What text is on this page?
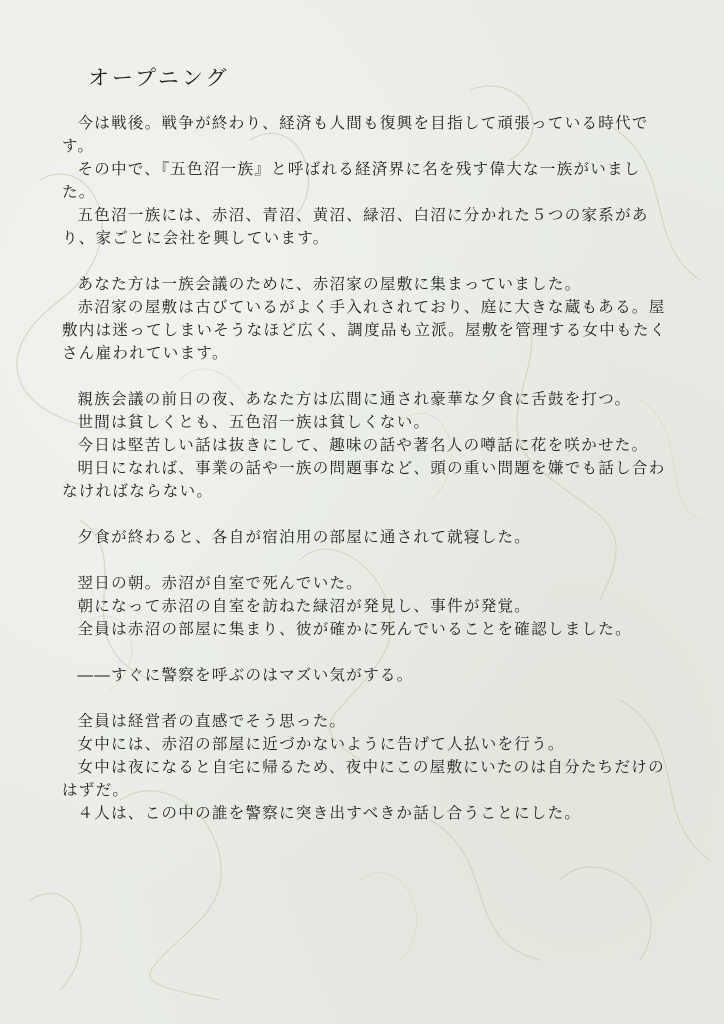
オープニング

今は戦後。戦争が終わり、経済も人間も復興を目指して頑張っている時代です。

その中で、『五色沼一族』と呼ばれる経済界に名を残す偉大な一族がいました。

五色沼一族には、赤沼、青沼、黄沼、緑沼、白沼に分かれた５つの家系があり、家ごとに会社を興しています。

あなた方は一族会議のために、赤沼家の屋敷に集まっていました。

赤沼家の屋敷は古びているがよく手入れされており、庭に大きな蔵もある。屋敷内は迷ってしまいそうなほど広く、調度品も立派。屋敷を管理する女中もたくさん雇われています。

親族会議の前日の夜、あなた方は広間に通され豪華な夕食に舌鼓を打つ。

世間は貧しくとも、五色沼一族は貧しくない。

今日は堅苦しい話は抜きにして、趣味の話や著名人の噂話に花を咲かせた。

明日になれば、事業の話や一族の問題事など、頭の重い問題を嫌でも話し合わなければならない。

夕食が終わると、各自が宿泊用の部屋に通されて就寝した。

翌日の朝。赤沼が自室で死んでいた。

朝になって赤沼の自室を訪ねた緑沼が発見し、事件が発覚。

全員は赤沼の部屋に集まり、彼が確かに死んでいることを確認しました。

――すぐに警察を呼ぶのはマズい気がする。

全員は経営者の直感でそう思った。

女中には、赤沼の部屋に近づかないように告げて人払いを行う。

女中は夜になると自宅に帰るため、夜中にこの屋敷にいたのは自分たちだけのはずだ。

４人は、この中の誰を警察に突き出すべきか話し合うことにした。
